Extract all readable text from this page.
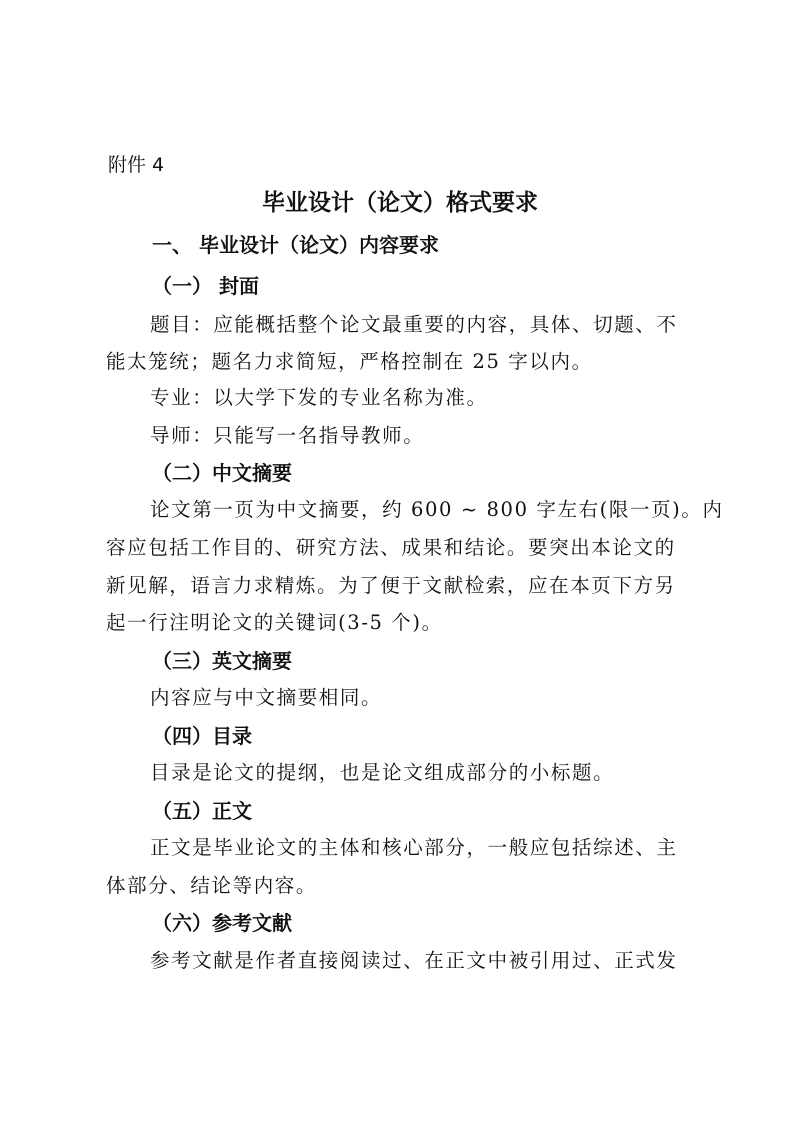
附件 4
毕业设计（论文）格式要求
一、 毕业设计（论文）内容要求
（一） 封面
题目：应能概括整个论文最重要的内容，具体、切题、不
能太笼统；题名力求简短，严格控制在 25 字以内。
专业：以大学下发的专业名称为准。
导师：只能写一名指导教师。
（二）中文摘要
论文第一页为中文摘要，约 600 ~ 800 字左右(限一页)。内
容应包括工作目的、研究方法、成果和结论。要突出本论文的
新见解，语言力求精炼。为了便于文献检索，应在本页下方另
起一行注明论文的关键词(3-5 个)。
（三）英文摘要
内容应与中文摘要相同。
（四）目录
目录是论文的提纲，也是论文组成部分的小标题。
（五）正文
正文是毕业论文的主体和核心部分，一般应包括综述、主
体部分、结论等内容。
（六）参考文献
参考文献是作者直接阅读过、在正文中被引用过、正式发
